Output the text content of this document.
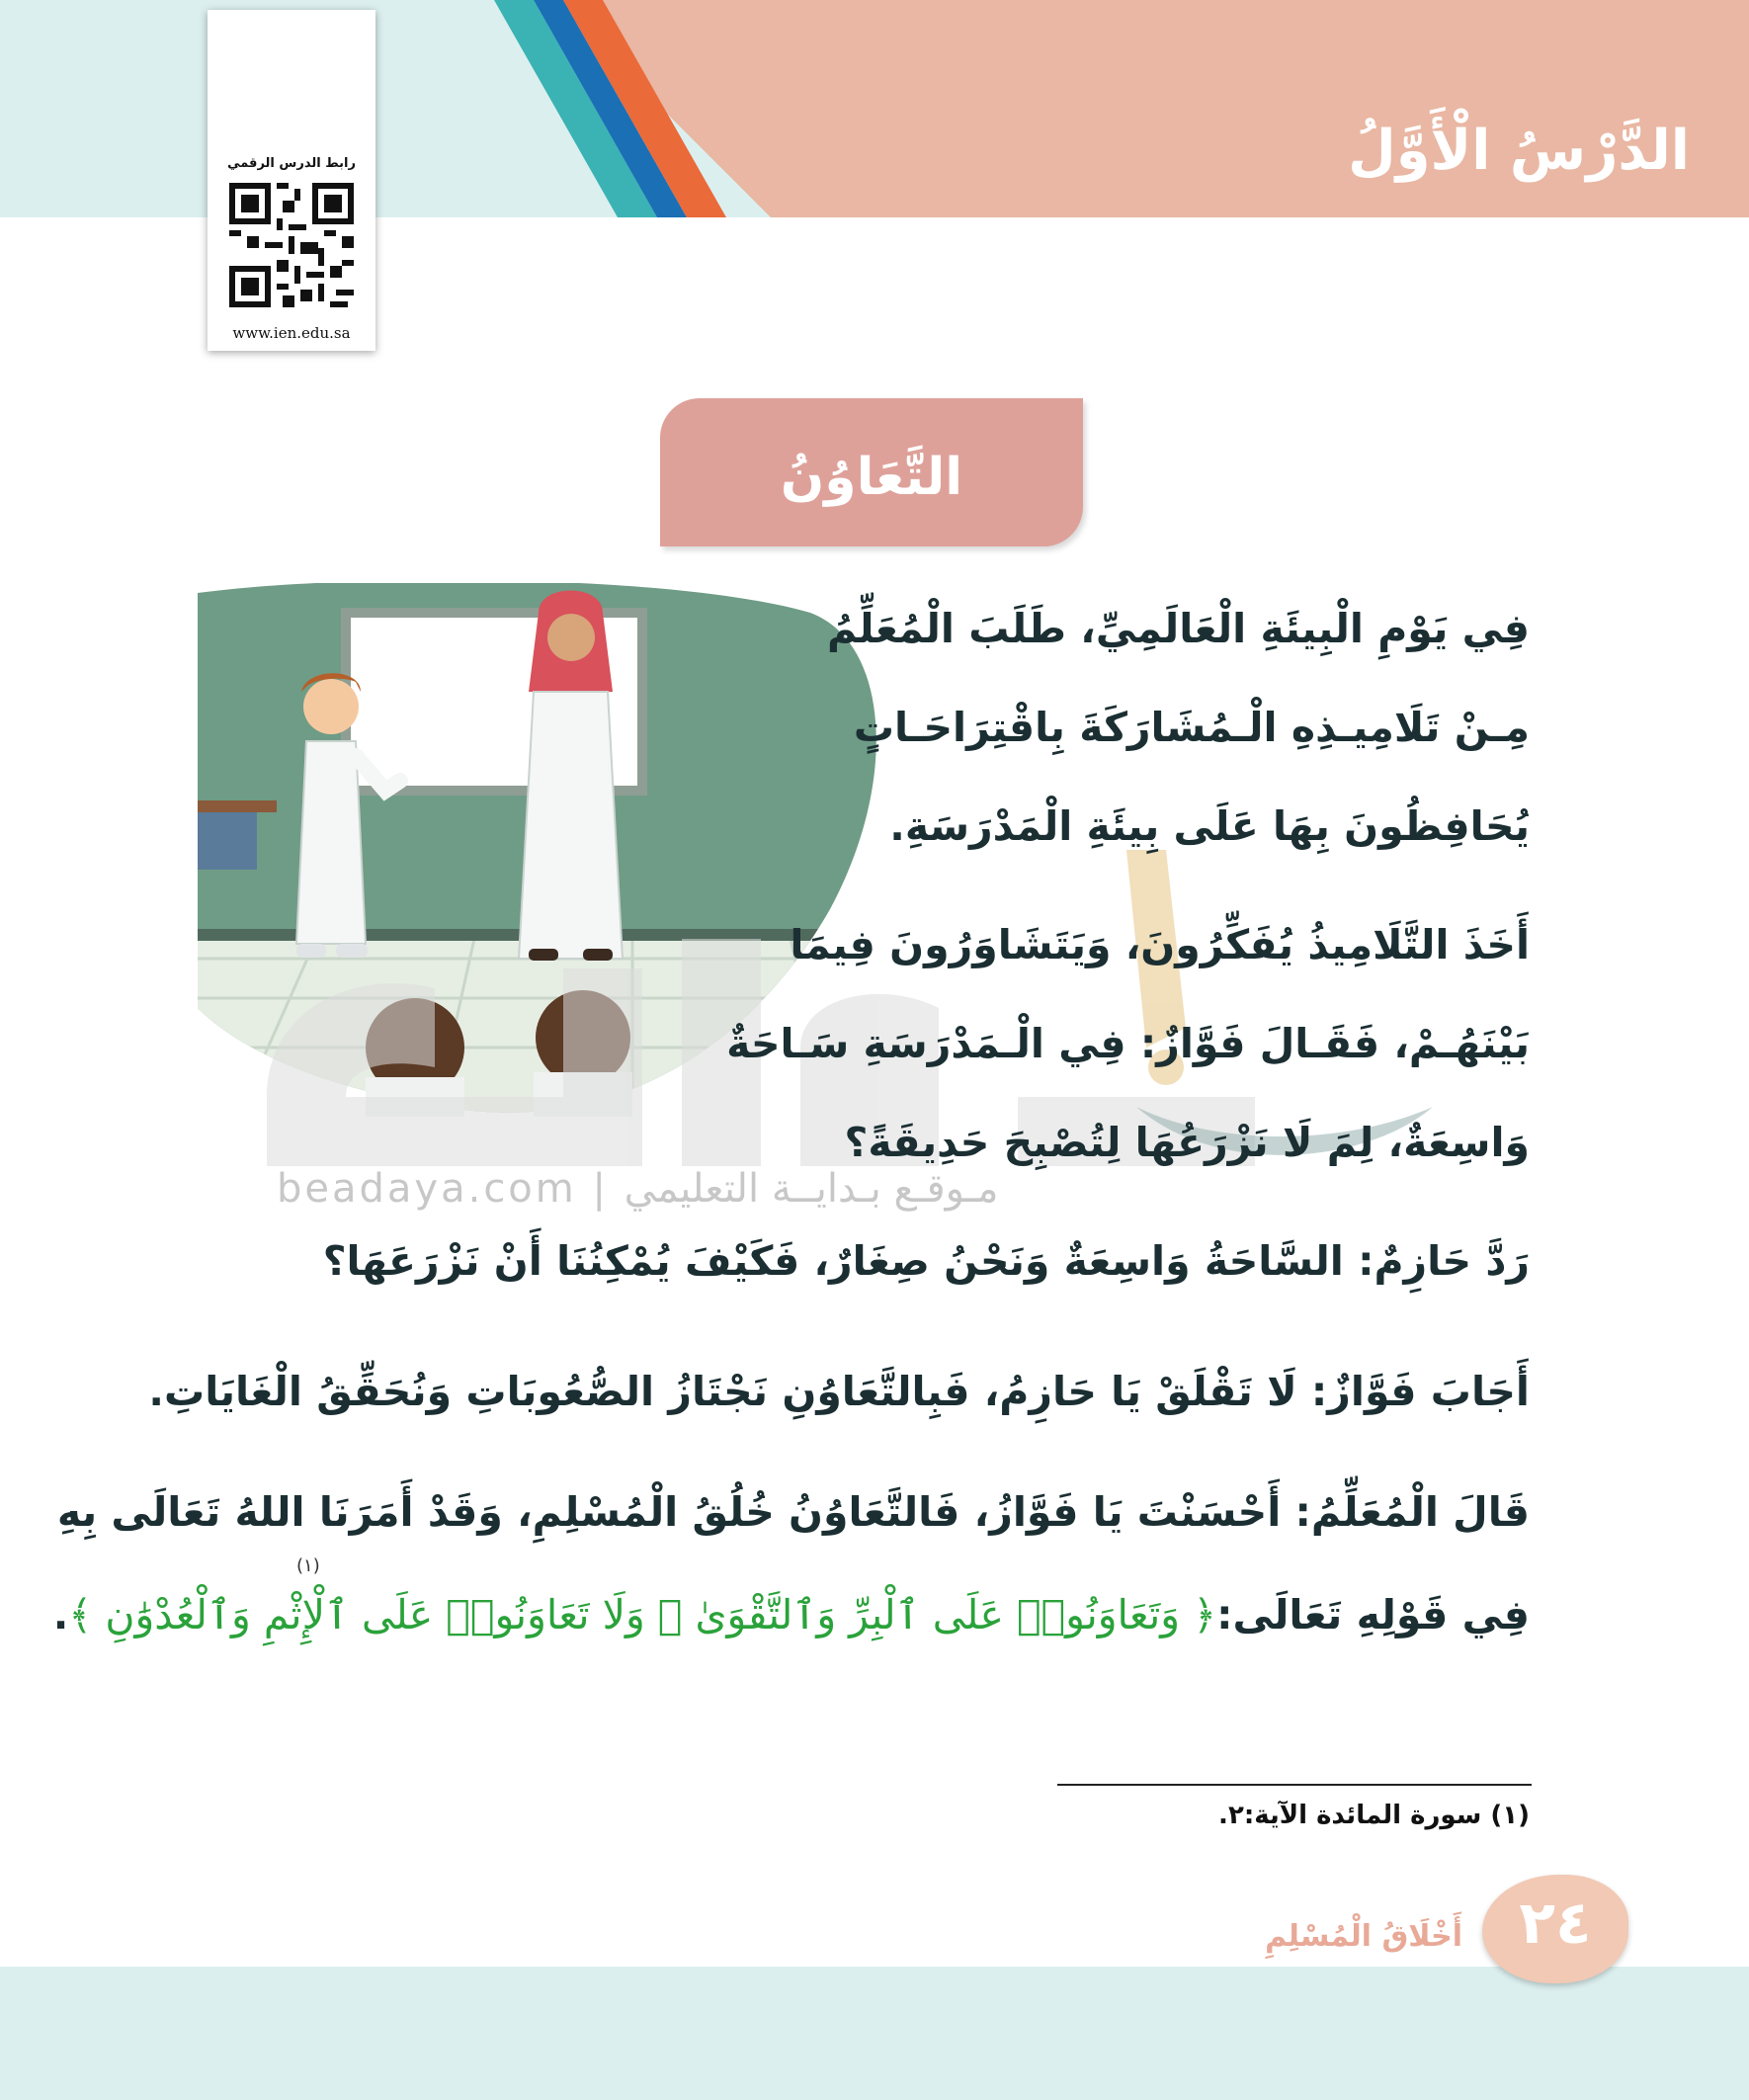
الدَّرْسُ الْأَوَّلُ
رابط الدرس الرقمي
www.ien.edu.sa
التَّعَاوُنُ
beadaya.com | مـوقـع بـدايــة التعليمي
فِي يَوْمِ الْبِيئَةِ الْعَالَمِيِّ، طَلَبَ الْمُعَلِّمُ
مِـنْ تَلَامِيـذِهِ الْـمُشَارَكَةَ بِاقْتِرَاحَـاتٍ
يُحَافِظُونَ بِهَا عَلَى بِيئَةِ الْمَدْرَسَةِ.
أَخَذَ التَّلَامِيذُ يُفَكِّرُونَ، وَيَتَشَاوَرُونَ فِيمَا
بَيْنَهُـمْ، فَقَـالَ فَوَّازٌ: فِي الْـمَدْرَسَةِ سَـاحَةٌ
وَاسِعَةٌ، لِمَ لَا نَزْرَعُهَا لِتُصْبِحَ حَدِيقَةً؟
رَدَّ حَازِمٌ: السَّاحَةُ وَاسِعَةٌ وَنَحْنُ صِغَارٌ، فَكَيْفَ يُمْكِنُنَا أَنْ نَزْرَعَهَا؟
أَجَابَ فَوَّازٌ: لَا تَقْلَقْ يَا حَازِمُ، فَبِالتَّعَاوُنِ نَجْتَازُ الصُّعُوبَاتِ وَنُحَقِّقُ الْغَايَاتِ.
قَالَ الْمُعَلِّمُ: أَحْسَنْتَ يَا فَوَّازُ، فَالتَّعَاوُنُ خُلُقُ الْمُسْلِمِ، وَقَدْ أَمَرَنَا اللهُ تَعَالَى بِهِ
فِي قَوْلِهِ تَعَالَى:﴿ وَتَعَاوَنُوا۟ عَلَى ٱلْبِرِّ وَٱلتَّقْوَىٰ ۖ وَلَا تَعَاوَنُوا۟ عَلَى ٱلْإِثْمِ وَٱلْعُدْوَٰنِ ﴾.
(١)
(١) سورة المائدة الآية:٢.
٢٤
أَخْلَاقُ الْمُسْلِمِ
